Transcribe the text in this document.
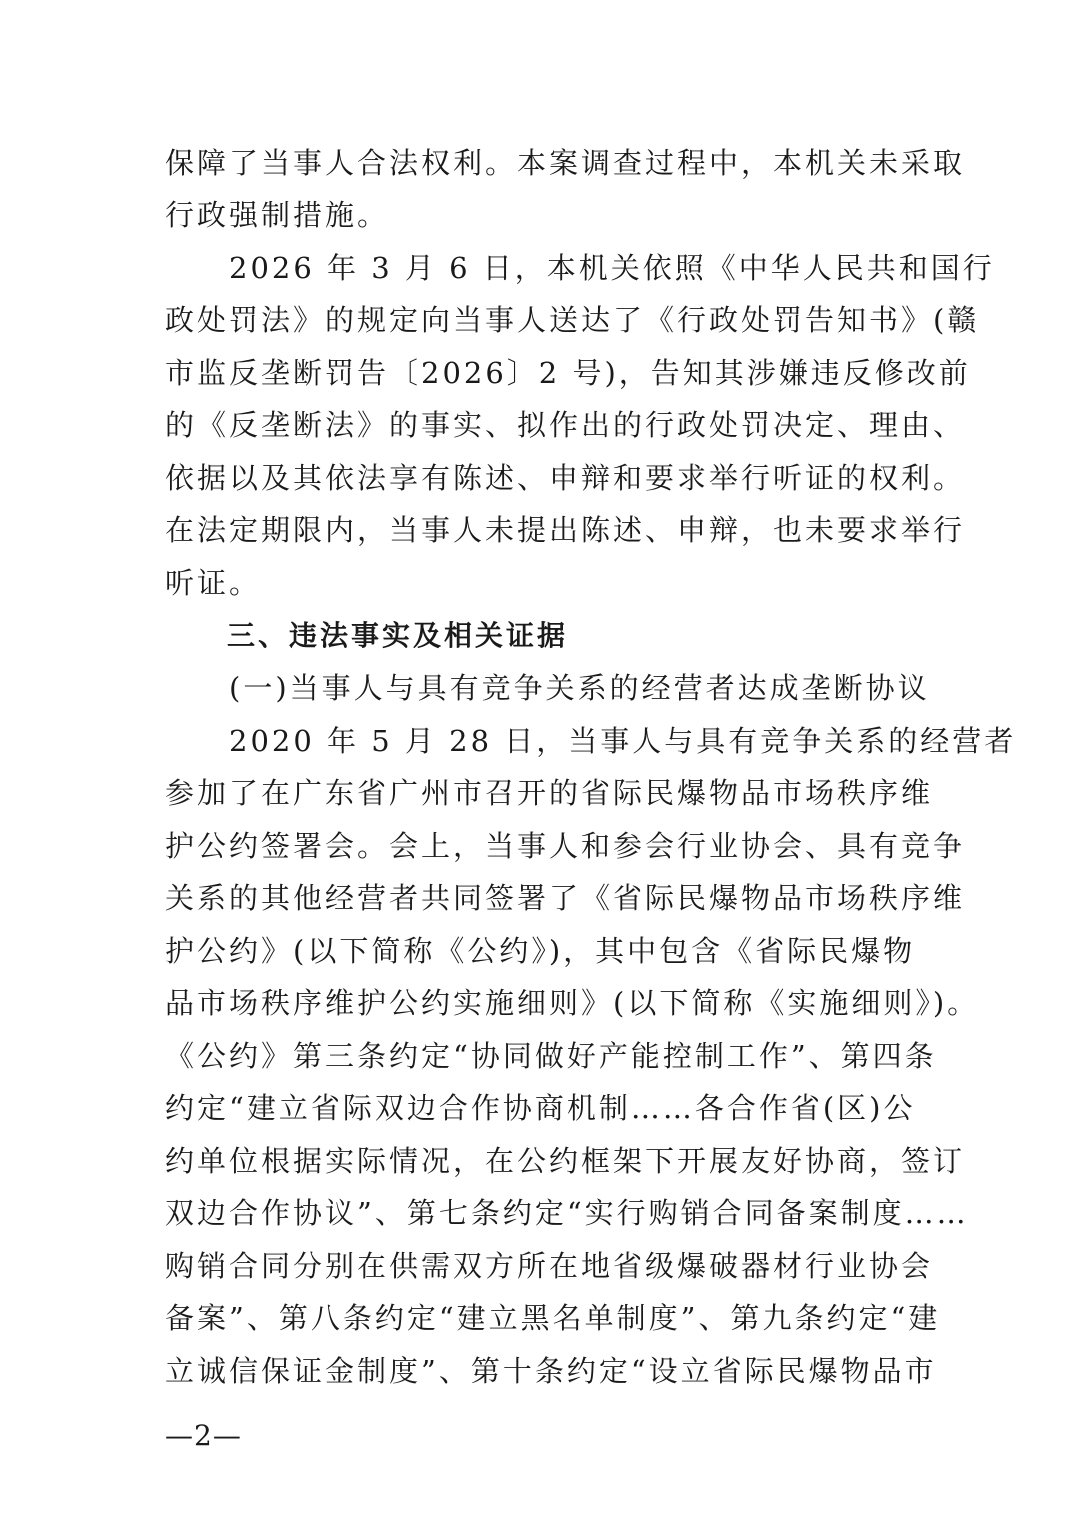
保障了当事人合法权利。本案调查过程中，本机关未采取
行政强制措施。
　　2026 年 3 月 6 日，本机关依照《中华人民共和国行
政处罚法》的规定向当事人送达了《行政处罚告知书》(赣
市监反垄断罚告〔2026〕2 号)，告知其涉嫌违反修改前
的《反垄断法》的事实、拟作出的行政处罚决定、理由、
依据以及其依法享有陈述、申辩和要求举行听证的权利。
在法定期限内，当事人未提出陈述、申辩，也未要求举行
听证。
　　三、违法事实及相关证据
　　(一)当事人与具有竞争关系的经营者达成垄断协议
　　2020 年 5 月 28 日，当事人与具有竞争关系的经营者
参加了在广东省广州市召开的省际民爆物品市场秩序维
护公约签署会。会上，当事人和参会行业协会、具有竞争
关系的其他经营者共同签署了《省际民爆物品市场秩序维
护公约》(以下简称《公约》)，其中包含《省际民爆物
品市场秩序维护公约实施细则》(以下简称《实施细则》)。
《公约》第三条约定“协同做好产能控制工作”、第四条
约定“建立省际双边合作协商机制……各合作省(区)公
约单位根据实际情况，在公约框架下开展友好协商，签订
双边合作协议”、第七条约定“实行购销合同备案制度……
购销合同分别在供需双方所在地省级爆破器材行业协会
备案”、第八条约定“建立黑名单制度”、第九条约定“建
立诚信保证金制度”、第十条约定“设立省际民爆物品市
—2—
